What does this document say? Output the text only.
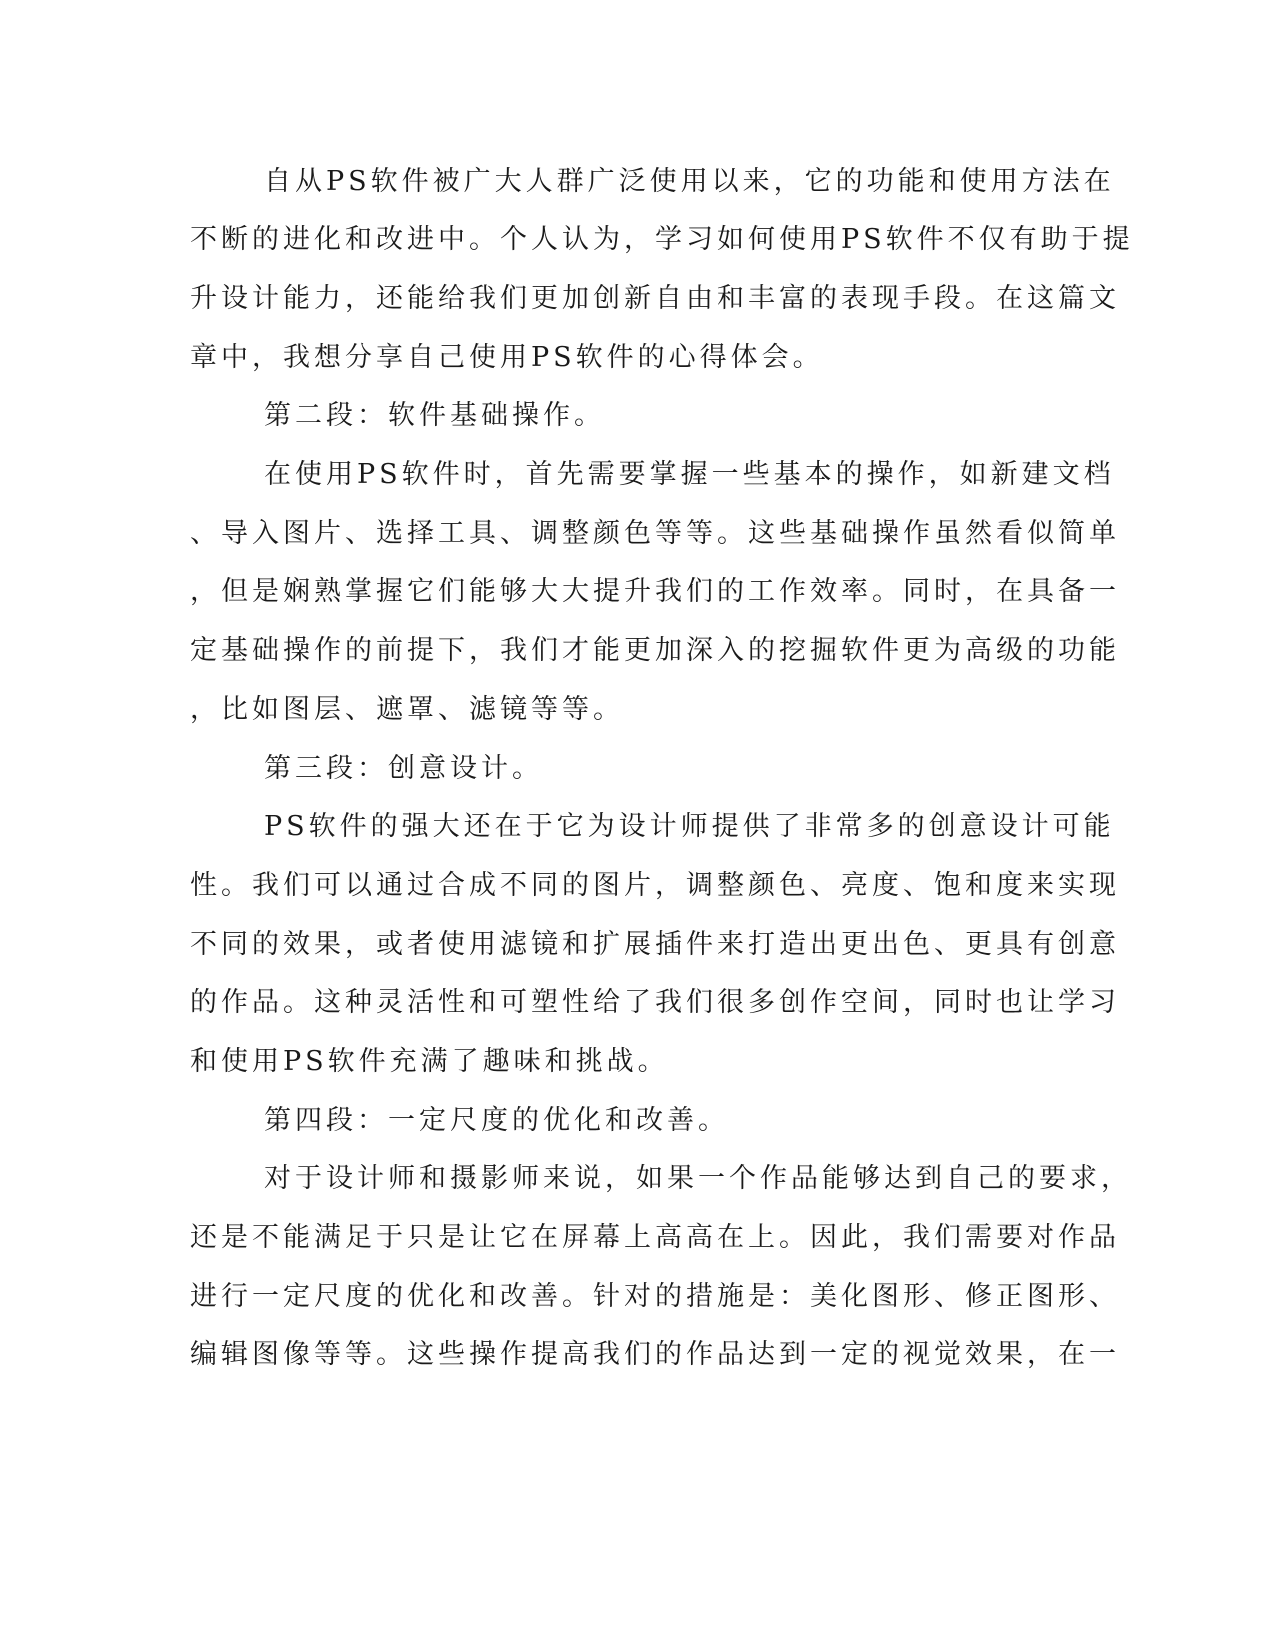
自从PS软件被广大人群广泛使用以来，它的功能和使用方法在
不断的进化和改进中。个人认为，学习如何使用PS软件不仅有助于提
升设计能力，还能给我们更加创新自由和丰富的表现手段。在这篇文
章中，我想分享自己使用PS软件的心得体会。
第二段：软件基础操作。
在使用PS软件时，首先需要掌握一些基本的操作，如新建文档
、导入图片、选择工具、调整颜色等等。这些基础操作虽然看似简单
，但是娴熟掌握它们能够大大提升我们的工作效率。同时，在具备一
定基础操作的前提下，我们才能更加深入的挖掘软件更为高级的功能
，比如图层、遮罩、滤镜等等。
第三段：创意设计。
PS软件的强大还在于它为设计师提供了非常多的创意设计可能
性。我们可以通过合成不同的图片，调整颜色、亮度、饱和度来实现
不同的效果，或者使用滤镜和扩展插件来打造出更出色、更具有创意
的作品。这种灵活性和可塑性给了我们很多创作空间，同时也让学习
和使用PS软件充满了趣味和挑战。
第四段：一定尺度的优化和改善。
对于设计师和摄影师来说，如果一个作品能够达到自己的要求，
还是不能满足于只是让它在屏幕上高高在上。因此，我们需要对作品
进行一定尺度的优化和改善。针对的措施是：美化图形、修正图形、
编辑图像等等。这些操作提高我们的作品达到一定的视觉效果，在一
